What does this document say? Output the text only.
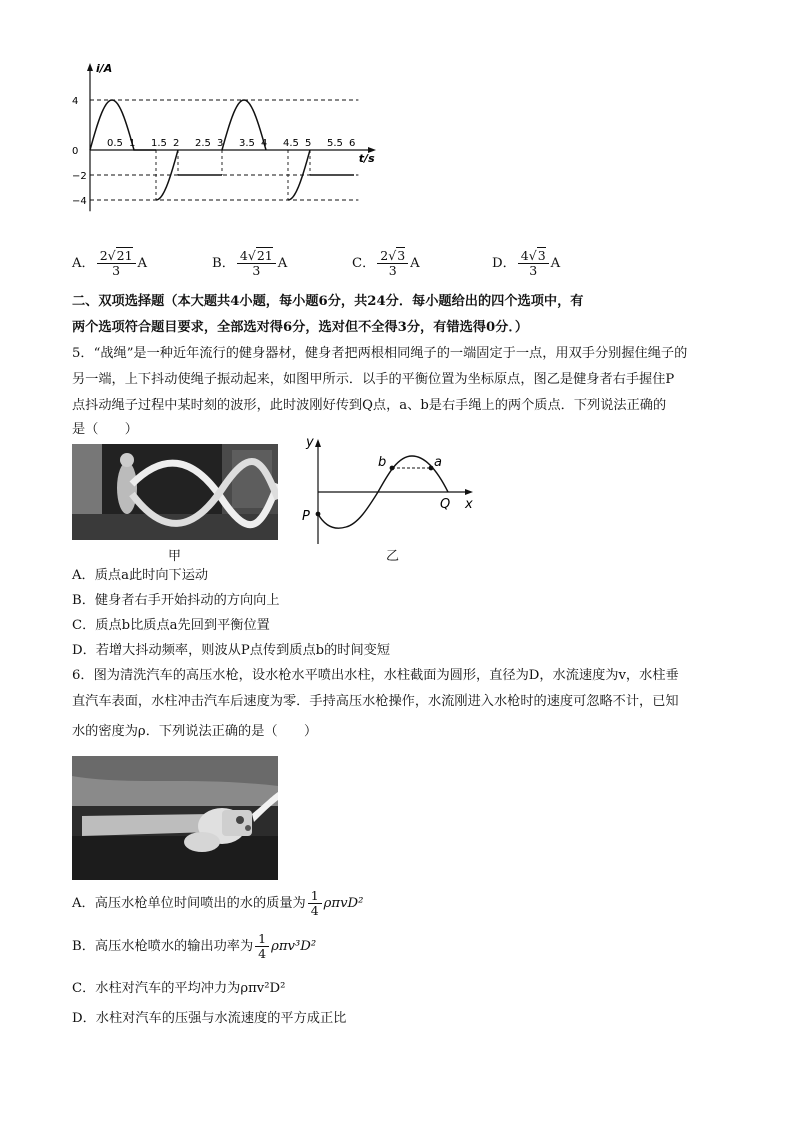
0.5 1 1.5 2 2.5 3 3.5 4 4.5 5 5.5 6
4
0
−2
−4
i/A
t/s
A． $\frac{2√21}{3}$ A	B． $\frac{4√21}{3}$ A	C． $\frac{2√3}{3}$ A	D． $\frac{4√3}{3}$ A
二、双项选择题（本大题共4小题，每小题6分，共24分．每小题给出的四个选项中，有
两个选项符合题目要求，全部选对得6分，选对但不全得3分，有错选得0分．）
5．“战绳”是一种近年流行的健身器材，健身者把两根相同绳子的一端固定于一点，用双手分别握住绳子的
另一端，上下抖动使绳子振动起来，如图甲所示．以手的平衡位置为坐标原点，图乙是健身者右手握住P
点抖动绳子过程中某时刻的波形，此时波刚好传到Q点，a、b是右手绳上的两个质点．下列说法正确的
是（　　）
甲
y
x
P
Q
b	a
乙
A．质点a此时向下运动
B．健身者右手开始抖动的方向向上
C．质点b比质点a先回到平衡位置
D．若增大抖动频率，则波从P点传到质点b的时间变短
6．图为清洗汽车的高压水枪，设水枪水平喷出水柱，水柱截面为圆形，直径为D，水流速度为v，水柱垂
直汽车表面，水柱冲击汽车后速度为零．手持高压水枪操作，水流刚进入水枪时的速度可忽略不计，已知
水的密度为ρ．下列说法正确的是（　　）
A．高压水枪单位时间喷出的水的质量为 $\frac{1}{4} \rho\pi vD^2$
B．高压水枪喷水的输出功率为 $\frac{1}{4} \rho\pi v^3D^2$
C．水柱对汽车的平均冲力为ρπv²D²
D．水柱对汽车的压强与水流速度的平方成正比
